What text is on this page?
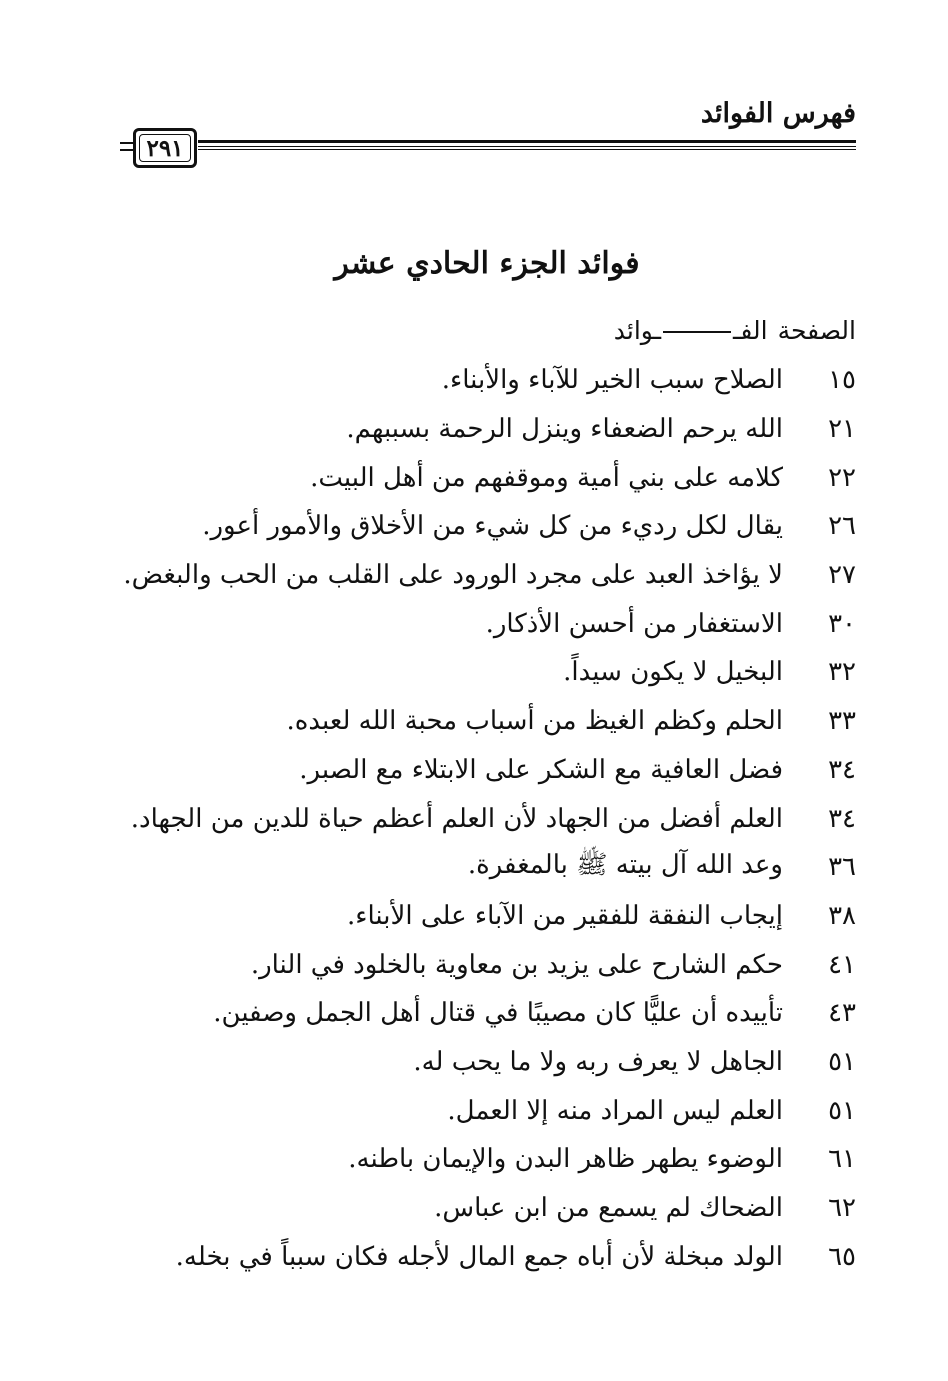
فهرس الفوائد
٢٩١
فوائد الجزء الحادي عشر
الصفحة
الفـ
ـوائد
١٥
الصلاح سبب الخير للآباء والأبناء.
٢١
الله يرحم الضعفاء وينزل الرحمة بسببهم.
٢٢
كلامه على بني أمية وموقفهم من أهل البيت.
٢٦
يقال لكل رديء من كل شيء من الأخلاق والأمور أعور.
٢٧
لا يؤاخذ العبد على مجرد الورود على القلب من الحب والبغض.
٣٠
الاستغفار من أحسن الأذكار.
٣٢
البخيل لا يكون سيداً.
٣٣
الحلم وكظم الغيظ من أسباب محبة الله لعبده.
٣٤
فضل العافية مع الشكر على الابتلاء مع الصبر.
٣٤
العلم أفضل من الجهاد لأن العلم أعظم حياة للدين من الجهاد.
٣٦
وعد الله آل بيته ﷺ بالمغفرة.
٣٨
إيجاب النفقة للفقير من الآباء على الأبناء.
٤١
حكم الشارح على يزيد بن معاوية بالخلود في النار.
٤٣
تأييده أن عليًّا كان مصيبًا في قتال أهل الجمل وصفين.
٥١
الجاهل لا يعرف ربه ولا ما يحب له.
٥١
العلم ليس المراد منه إلا العمل.
٦١
الوضوء يطهر ظاهر البدن والإيمان باطنه.
٦٢
الضحاك لم يسمع من ابن عباس.
٦٥
الولد مبخلة لأن أباه جمع المال لأجله فكان سبباً في بخله.
